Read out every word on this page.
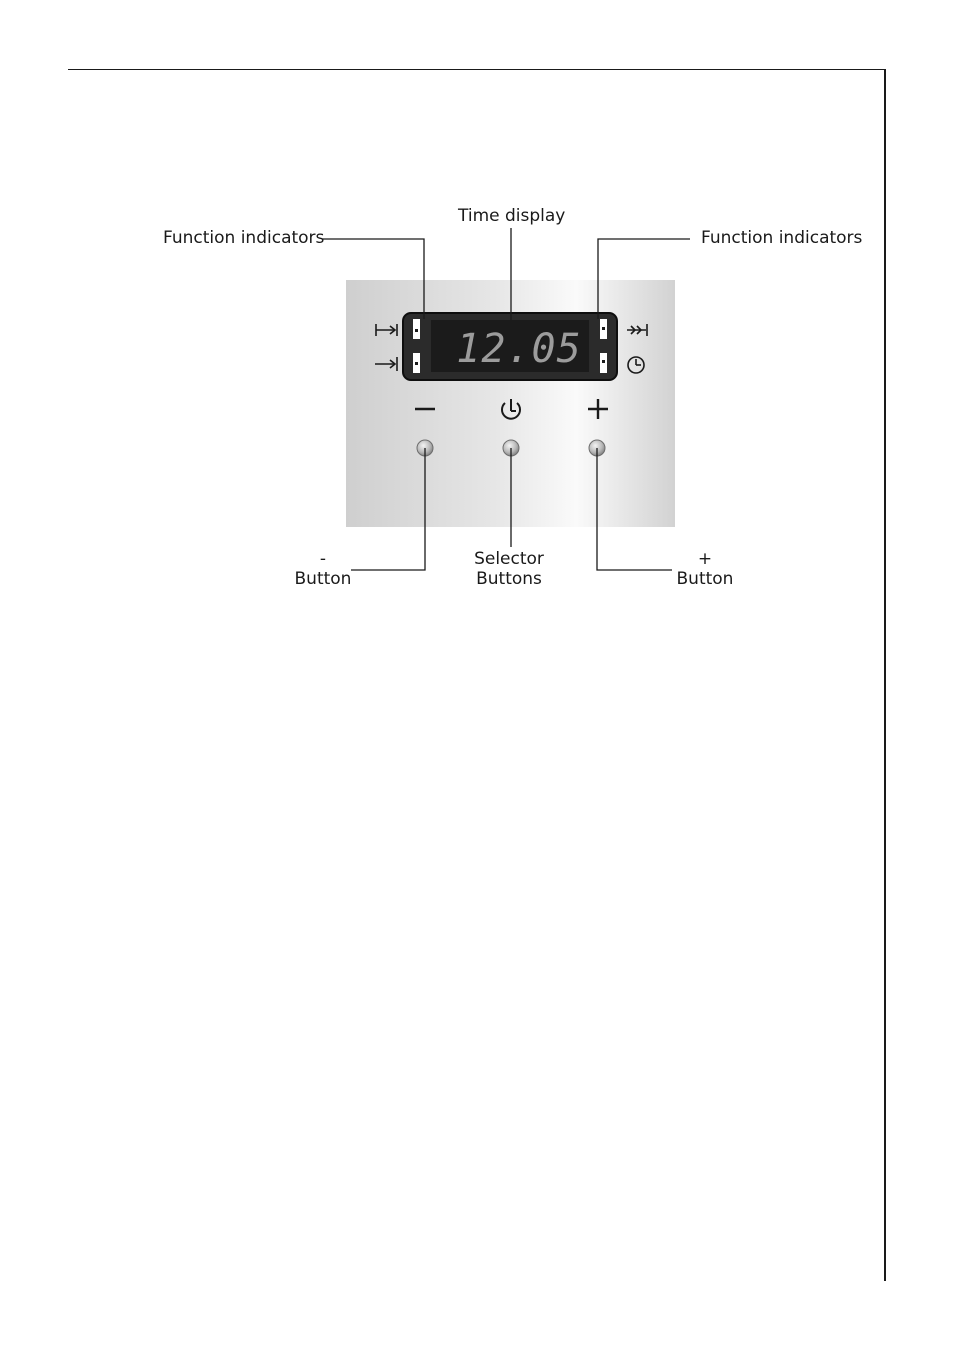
12.05
Function indicators	Function indicators
Time display
-
Button
Selector
Buttons
+
Button
